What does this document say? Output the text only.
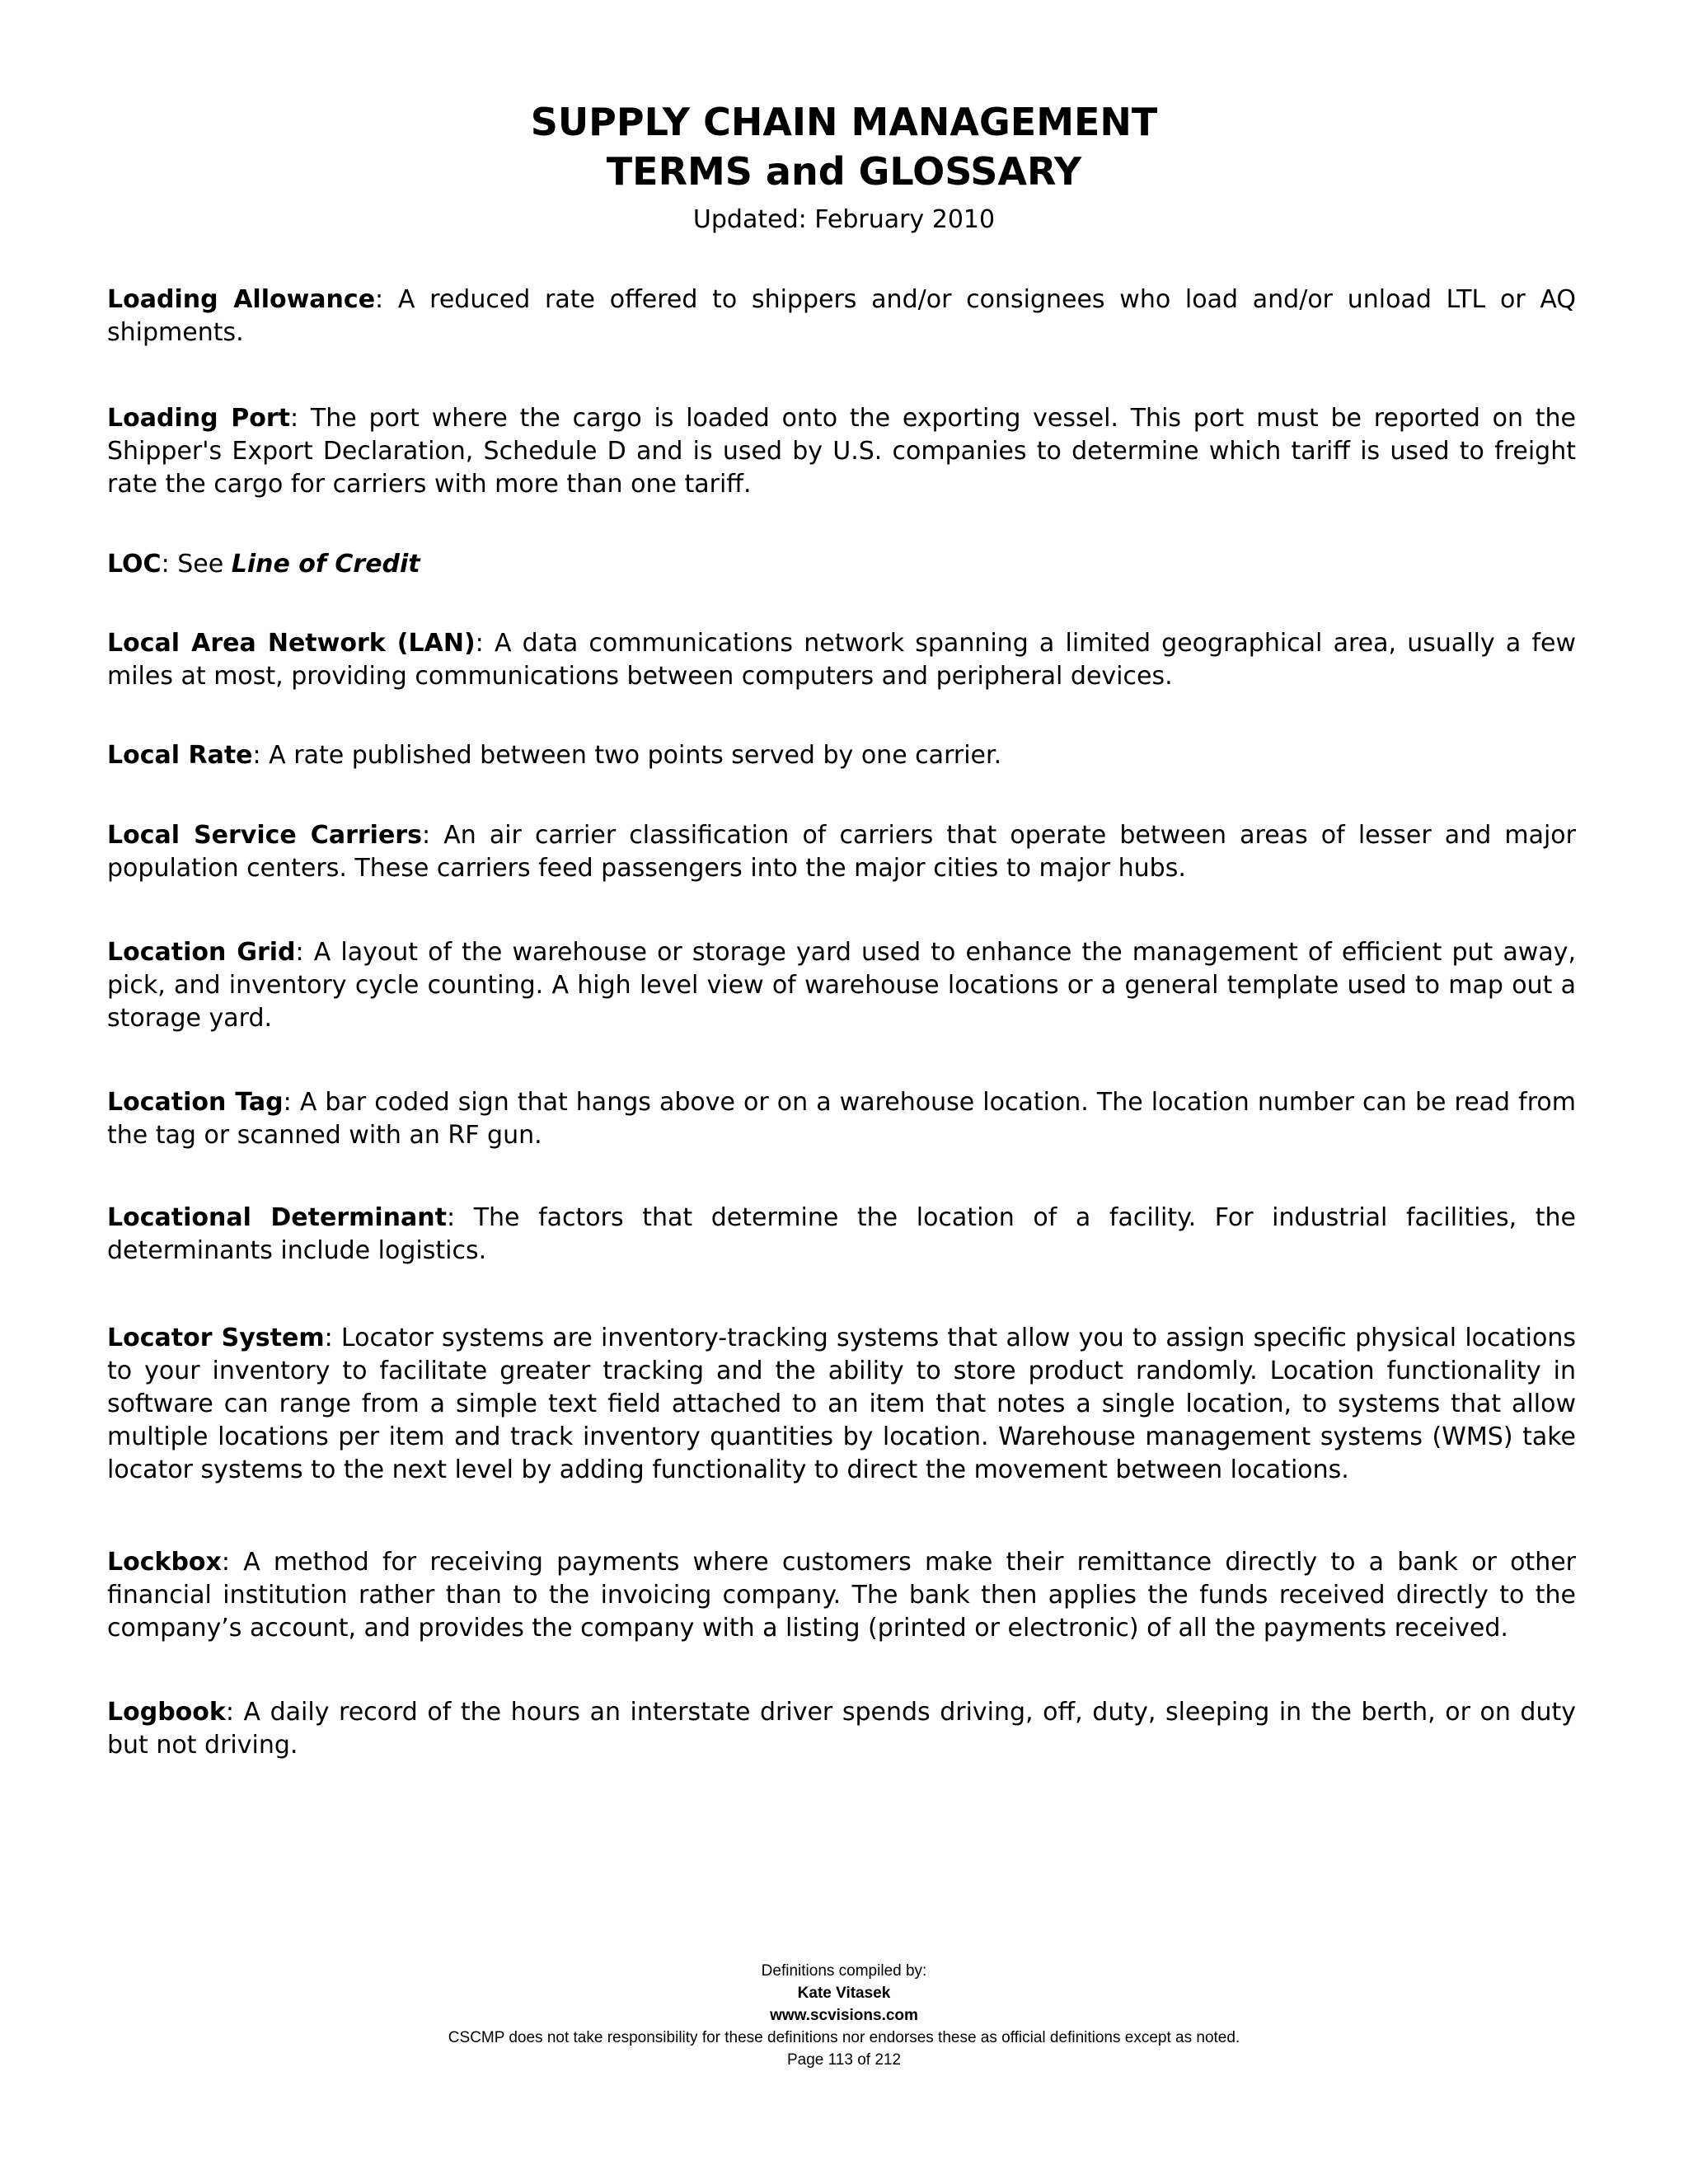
SUPPLY CHAIN MANAGEMENT
TERMS and GLOSSARY
Updated: February 2010

Loading Allowance: A reduced rate offered to shippers and/or consignees who load and/or unload LTL or AQ shipments.

Loading Port: The port where the cargo is loaded onto the exporting vessel. This port must be reported on the Shipper's Export Declaration, Schedule D and is used by U.S. companies to determine which tariff is used to freight rate the cargo for carriers with more than one tariff.

LOC: See Line of Credit

Local Area Network (LAN): A data communications network spanning a limited geographical area, usually a few miles at most, providing communications between computers and peripheral devices.

Local Rate: A rate published between two points served by one carrier.

Local Service Carriers: An air carrier classification of carriers that operate between areas of lesser and major population centers. These carriers feed passengers into the major cities to major hubs.

Location Grid: A layout of the warehouse or storage yard used to enhance the management of efficient put away, pick, and inventory cycle counting. A high level view of warehouse locations or a general template used to map out a storage yard.

Location Tag: A bar coded sign that hangs above or on a warehouse location. The location number can be read from the tag or scanned with an RF gun.

Locational Determinant: The factors that determine the location of a facility. For industrial facilities, the determinants include logistics.

Locator System: Locator systems are inventory-tracking systems that allow you to assign specific physical locations to your inventory to facilitate greater tracking and the ability to store product randomly. Location functionality in software can range from a simple text field attached to an item that notes a single location, to systems that allow multiple locations per item and track inventory quantities by location. Warehouse management systems (WMS) take locator systems to the next level by adding functionality to direct the movement between locations.

Lockbox: A method for receiving payments where customers make their remittance directly to a bank or other financial institution rather than to the invoicing company. The bank then applies the funds received directly to the company’s account, and provides the company with a listing (printed or electronic) of all the payments received.

Logbook: A daily record of the hours an interstate driver spends driving, off, duty, sleeping in the berth, or on duty but not driving.

Definitions compiled by:
Kate Vitasek
www.scvisions.com
CSCMP does not take responsibility for these definitions nor endorses these as official definitions except as noted.
Page 113 of 212
